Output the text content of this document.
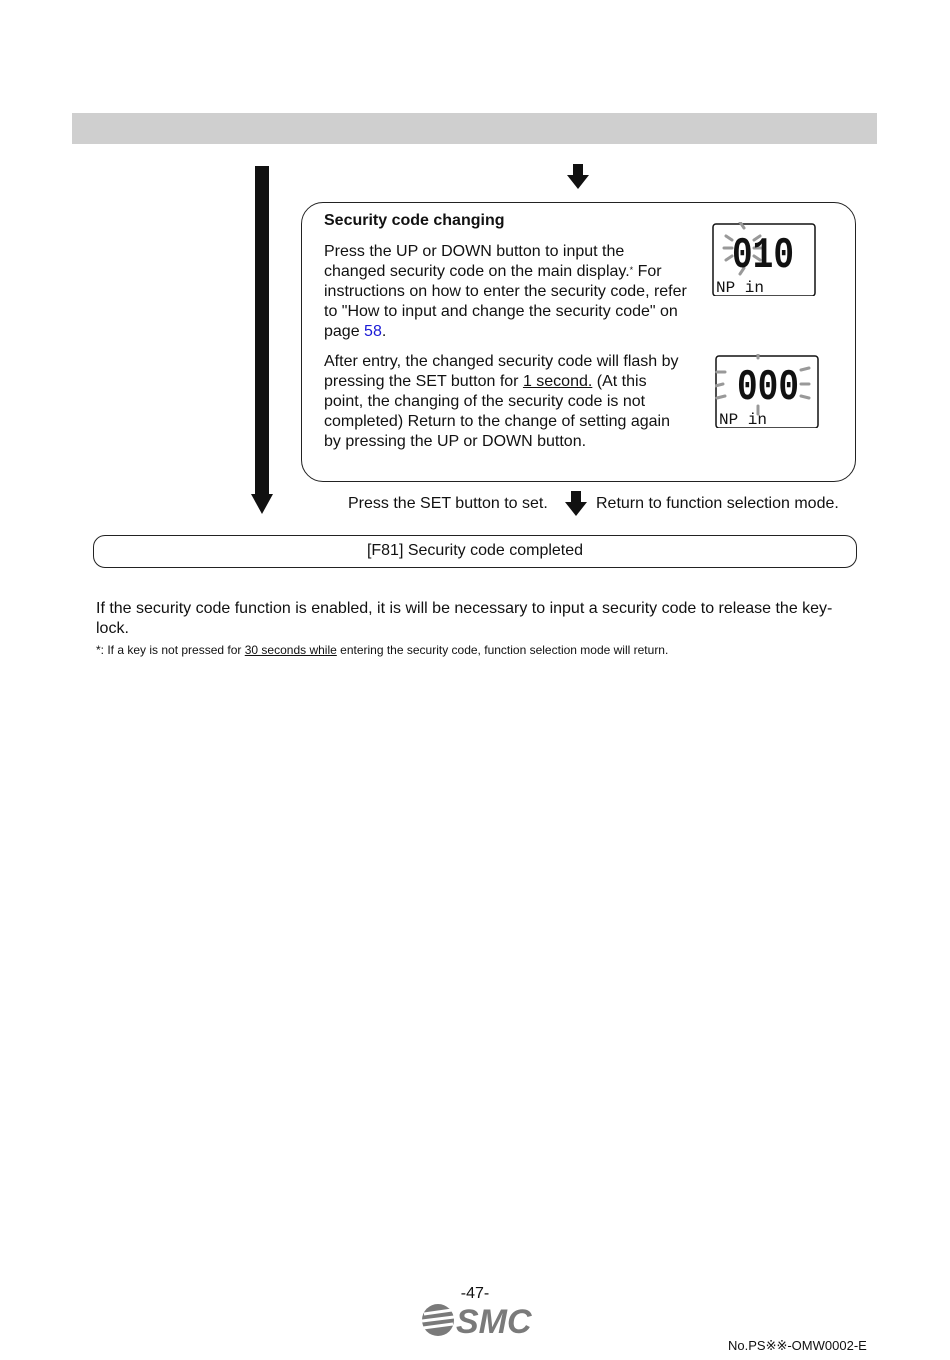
Security code changing
Press the UP or DOWN button to input the changed security code on the main display.* For instructions on how to enter the security code, refer to "How to input and change the security code" on page 58.
After entry, the changed security code will flash by pressing the SET button for 1 second. (At this point, the changing of the security code is not completed) Return to the change of setting again by pressing the UP or DOWN button.
010
NP in
000
NP in
Press the SET button to set.	Return to function selection mode.
[F81] Security code completed
If the security code function is enabled, it is will be necessary to input a security code to release the key-lock.
*: If a key is not pressed for 30 seconds while entering the security code, function selection mode will return.
-47-
SMC
No.PS※※-OMW0002-E
